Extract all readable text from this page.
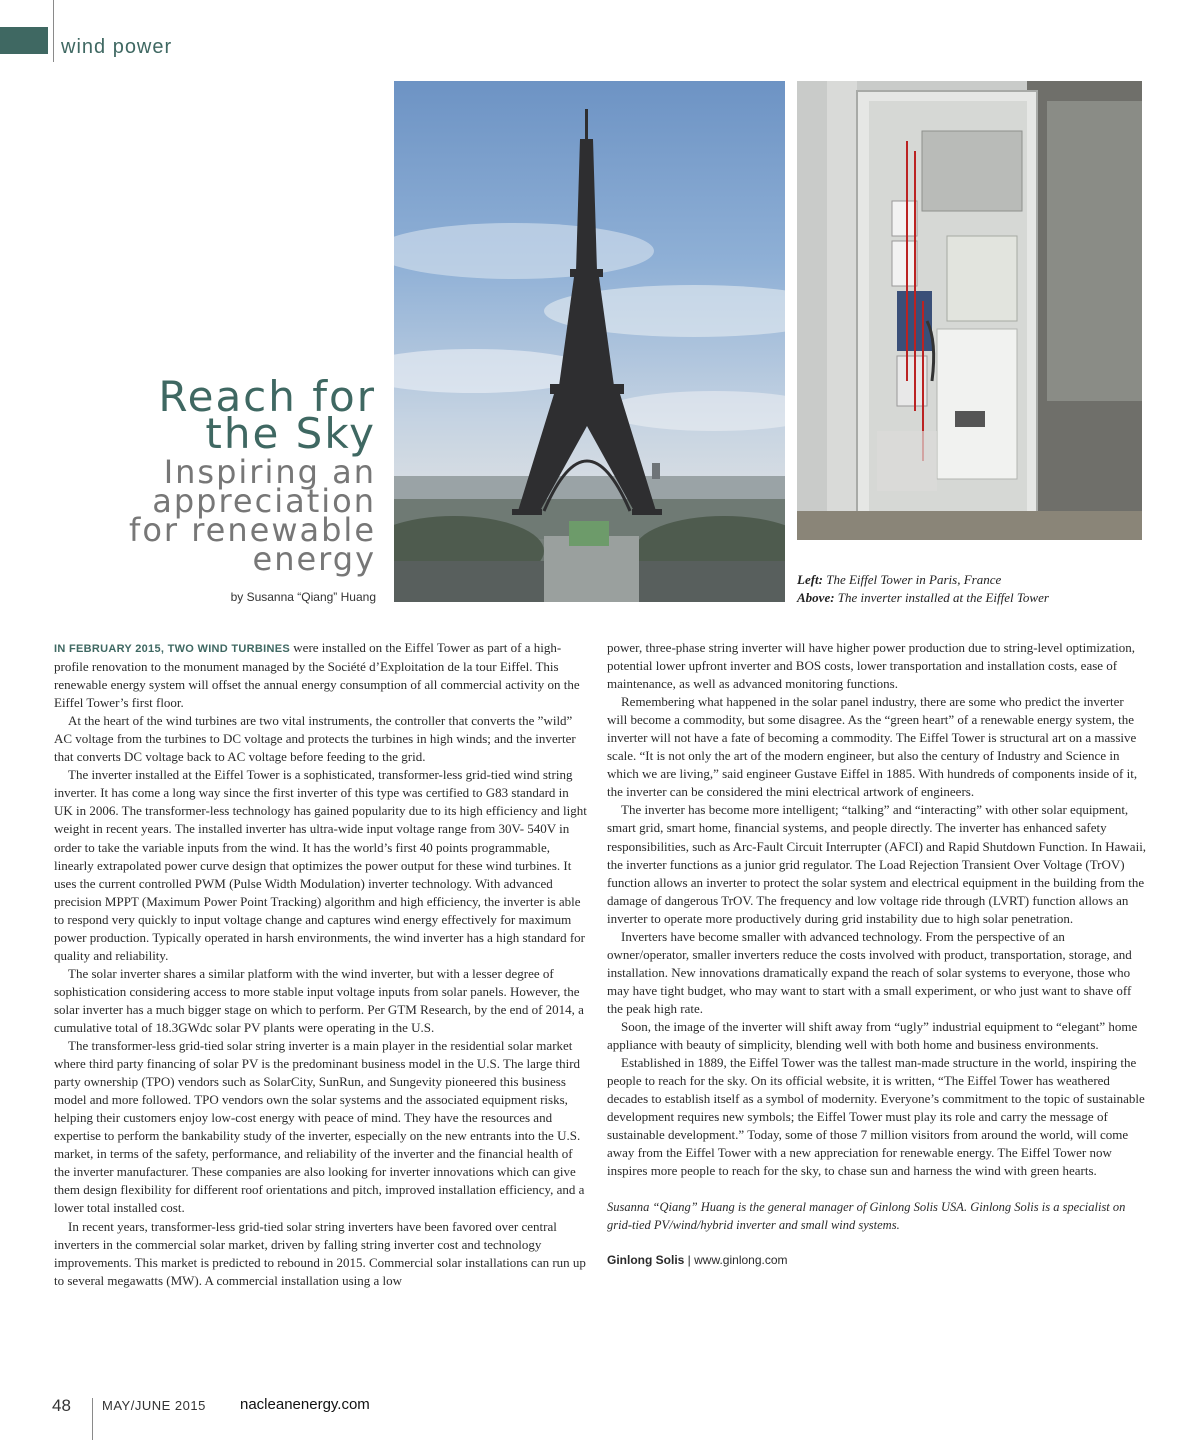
wind power
Reach for
the Sky
Inspiring an
appreciation
for renewable
energy
by Susanna “Qiang” Huang
Left: The Eiffel Tower in Paris, France
Above: The inverter installed at the Eiffel Tower

IN FEBRUARY 2015, TWO WIND TURBINES were installed on the Eiffel Tower as part of a high-profile renovation to the monument managed by the Société d’Exploitation de la tour Eiffel. This renewable energy system will offset the annual energy consumption of all commercial activity on the Eiffel Tower’s first floor.

At the heart of the wind turbines are two vital instruments, the controller that converts the ”wild” AC voltage from the turbines to DC voltage and protects the turbines in high winds; and the inverter that converts DC voltage back to AC voltage before feeding to the grid.

The inverter installed at the Eiffel Tower is a sophisticated, transformer-less grid-tied wind string inverter. It has come a long way since the first inverter of this type was certified to G83 standard in UK in 2006. The transformer-less technology has gained popularity due to its high efficiency and light weight in recent years. The installed inverter has ultra-wide input voltage range from 30V- 540V in order to take the variable inputs from the wind. It has the world’s first 40 points programmable, linearly extrapolated power curve design that optimizes the power output for these wind turbines. It uses the current controlled PWM (Pulse Width Modulation) inverter technology. With advanced precision MPPT (Maximum Power Point Tracking) algorithm and high efficiency, the inverter is able to respond very quickly to input voltage change and captures wind energy effectively for maximum power production. Typically operated in harsh environments, the wind inverter has a high standard for quality and reliability.

The solar inverter shares a similar platform with the wind inverter, but with a lesser degree of sophistication considering access to more stable input voltage inputs from solar panels. However, the solar inverter has a much bigger stage on which to perform. Per GTM Research, by the end of 2014, a cumulative total of 18.3GWdc solar PV plants were operating in the U.S.

The transformer-less grid-tied solar string inverter is a main player in the residential solar market where third party financing of solar PV is the predominant business model in the U.S. The large third party ownership (TPO) vendors such as SolarCity, SunRun, and Sungevity pioneered this business model and more followed. TPO vendors own the solar systems and the associated equipment risks, helping their customers enjoy low-cost energy with peace of mind. They have the resources and expertise to perform the bankability study of the inverter, especially on the new entrants into the U.S. market, in terms of the safety, performance, and reliability of the inverter and the financial health of the inverter manufacturer. These companies are also looking for inverter innovations which can give them design flexibility for different roof orientations and pitch, improved installation efficiency, and a lower total installed cost.

In recent years, transformer-less grid-tied solar string inverters have been favored over central inverters in the commercial solar market, driven by falling string inverter cost and technology improvements. This market is predicted to rebound in 2015. Commercial solar installations can run up to several megawatts (MW). A commercial installation using a low

power, three-phase string inverter will have higher power production due to string-level optimization, potential lower upfront inverter and BOS costs, lower transportation and installation costs, ease of maintenance, as well as advanced monitoring functions.

Remembering what happened in the solar panel industry, there are some who predict the inverter will become a commodity, but some disagree. As the “green heart” of a renewable energy system, the inverter will not have a fate of becoming a commodity. The Eiffel Tower is structural art on a massive scale. “It is not only the art of the modern engineer, but also the century of Industry and Science in which we are living,” said engineer Gustave Eiffel in 1885. With hundreds of components inside of it, the inverter can be considered the mini electrical artwork of engineers.

The inverter has become more intelligent; “talking” and “interacting” with other solar equipment, smart grid, smart home, financial systems, and people directly. The inverter has enhanced safety responsibilities, such as Arc-Fault Circuit Interrupter (AFCI) and Rapid Shutdown Function. In Hawaii, the inverter functions as a junior grid regulator. The Load Rejection Transient Over Voltage (TrOV) function allows an inverter to protect the solar system and electrical equipment in the building from the damage of dangerous TrOV. The frequency and low voltage ride through (LVRT) function allows an inverter to operate more productively during grid instability due to high solar penetration.

Inverters have become smaller with advanced technology. From the perspective of an owner/operator, smaller inverters reduce the costs involved with product, transportation, storage, and installation. New innovations dramatically expand the reach of solar systems to everyone, those who may have tight budget, who may want to start with a small experiment, or who just want to shave off the peak high rate.

Soon, the image of the inverter will shift away from “ugly” industrial equipment to “elegant” home appliance with beauty of simplicity, blending well with both home and business environments.

Established in 1889, the Eiffel Tower was the tallest man-made structure in the world, inspiring the people to reach for the sky. On its official website, it is written, “The Eiffel Tower has weathered decades to establish itself as a symbol of modernity. Everyone’s commitment to the topic of sustainable development requires new symbols; the Eiffel Tower must play its role and carry the message of sustainable development.” Today, some of those 7 million visitors from around the world, will come away from the Eiffel Tower with a new appreciation for renewable energy. The Eiffel Tower now inspires more people to reach for the sky, to chase sun and harness the wind with green hearts.

Susanna “Qiang” Huang is the general manager of Ginlong Solis USA. Ginlong Solis is a specialist on grid-tied PV/wind/hybrid inverter and small wind systems.

Ginlong Solis | www.ginlong.com

48 MAY/JUNE 2015 nacleanenergy.com
